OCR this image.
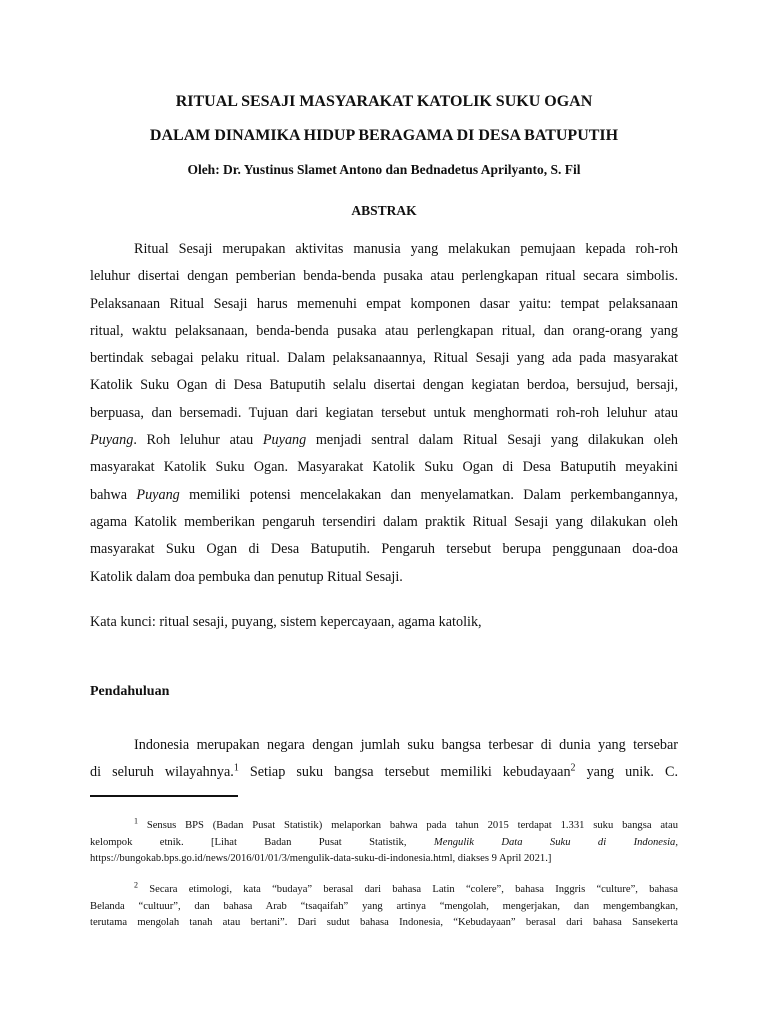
RITUAL SESAJI MASYARAKAT KATOLIK SUKU OGAN
DALAM DINAMIKA HIDUP BERAGAMA DI DESA BATUPUTIH
Oleh: Dr. Yustinus Slamet Antono dan Bednadetus Aprilyanto, S. Fil
ABSTRAK
Ritual Sesaji merupakan aktivitas manusia yang melakukan pemujaan kepada roh-roh
leluhur disertai dengan pemberian benda-benda pusaka atau perlengkapan ritual secara simbolis.
Pelaksanaan Ritual Sesaji harus memenuhi empat komponen dasar yaitu: tempat pelaksanaan
ritual, waktu pelaksanaan, benda-benda pusaka atau perlengkapan ritual, dan orang-orang yang
bertindak sebagai pelaku ritual. Dalam pelaksanaannya, Ritual Sesaji yang ada pada masyarakat
Katolik Suku Ogan di Desa Batuputih selalu disertai dengan kegiatan berdoa, bersujud, bersaji,
berpuasa, dan bersemadi. Tujuan dari kegiatan tersebut untuk menghormati roh-roh leluhur atau
Puyang. Roh leluhur atau Puyang menjadi sentral dalam Ritual Sesaji yang dilakukan oleh
masyarakat Katolik Suku Ogan. Masyarakat Katolik Suku Ogan di Desa Batuputih meyakini
bahwa Puyang memiliki potensi mencelakakan dan menyelamatkan. Dalam perkembangannya,
agama Katolik memberikan pengaruh tersendiri dalam praktik Ritual Sesaji yang dilakukan oleh
masyarakat Suku Ogan di Desa Batuputih. Pengaruh tersebut berupa penggunaan doa-doa
Katolik dalam doa pembuka dan penutup Ritual Sesaji.
Kata kunci: ritual sesaji, puyang, sistem kepercayaan, agama katolik,
Pendahuluan
Indonesia merupakan negara dengan jumlah suku bangsa terbesar di dunia yang tersebar
di seluruh wilayahnya.$^1$ Setiap suku bangsa tersebut memiliki kebudayaan$^2$ yang unik. C.
$^1$ Sensus BPS (Badan Pusat Statistik) melaporkan bahwa pada tahun 2015 terdapat 1.331 suku bangsa atau
kelompok etnik. [Lihat Badan Pusat Statistik, Mengulik Data Suku di Indonesia,
https://bungokab.bps.go.id/news/2016/01/01/3/mengulik-data-suku-di-indonesia.html, diakses 9 April 2021.]
$^2$ Secara etimologi, kata “budaya” berasal dari bahasa Latin “colere”, bahasa Inggris “culture”, bahasa
Belanda “cultuur”, dan bahasa Arab “tsaqaifah” yang artinya “mengolah, mengerjakan, dan mengembangkan,
terutama mengolah tanah atau bertani”. Dari sudut bahasa Indonesia, “Kebudayaan” berasal dari bahasa Sansekerta
